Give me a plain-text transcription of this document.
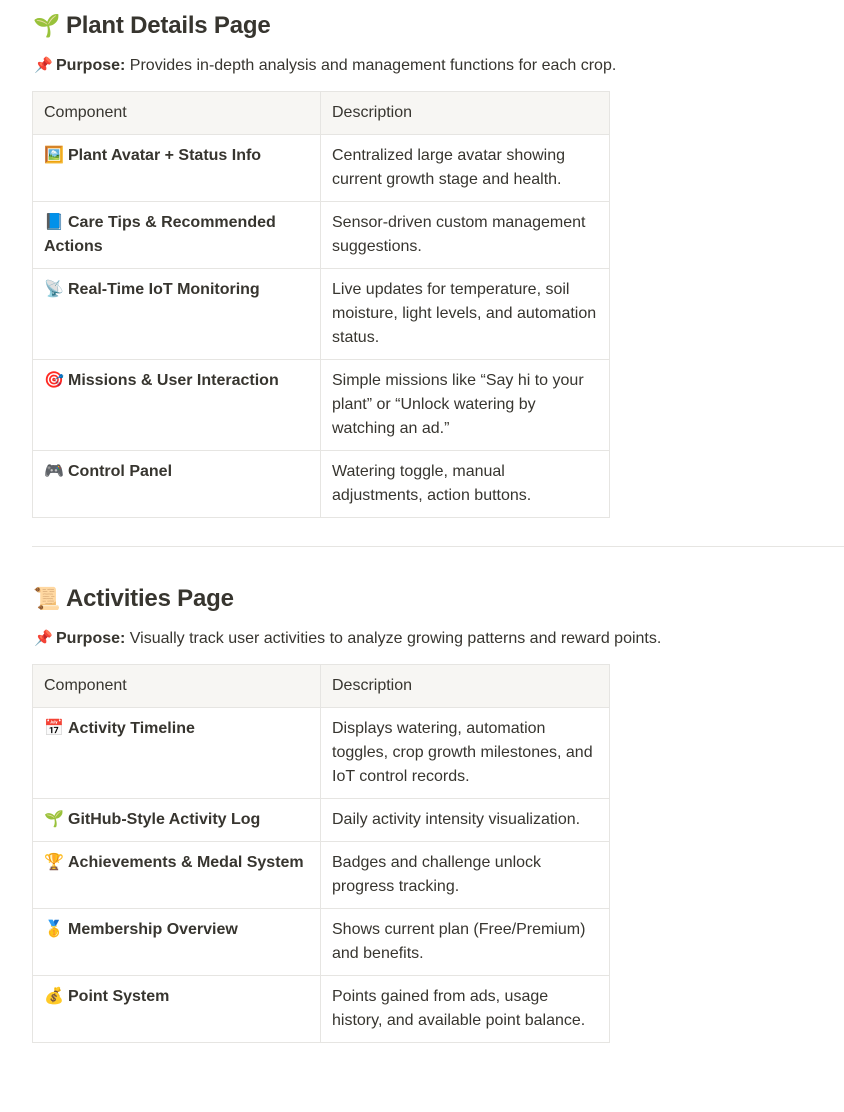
🌱 Plant Details Page
📌 Purpose: Provides in-depth analysis and management functions for each crop.
Component	Description
🖼️ Plant Avatar + Status Info	Centralized large avatar showing current growth stage and health.
📘 Care Tips & Recommended Actions	Sensor-driven custom management suggestions.
📡 Real-Time IoT Monitoring	Live updates for temperature, soil moisture, light levels, and automation status.
🎯 Missions & User Interaction	Simple missions like “Say hi to your plant” or “Unlock watering by watching an ad.”
🎮 Control Panel	Watering toggle, manual adjustments, action buttons.
📜 Activities Page
📌 Purpose: Visually track user activities to analyze growing patterns and reward points.
Component	Description
📅 Activity Timeline	Displays watering, automation toggles, crop growth milestones, and IoT control records.
🌱 GitHub-Style Activity Log	Daily activity intensity visualization.
🏆 Achievements & Medal System	Badges and challenge unlock progress tracking.
🥇 Membership Overview	Shows current plan (Free/Premium) and benefits.
💰 Point System	Points gained from ads, usage history, and available point balance.
